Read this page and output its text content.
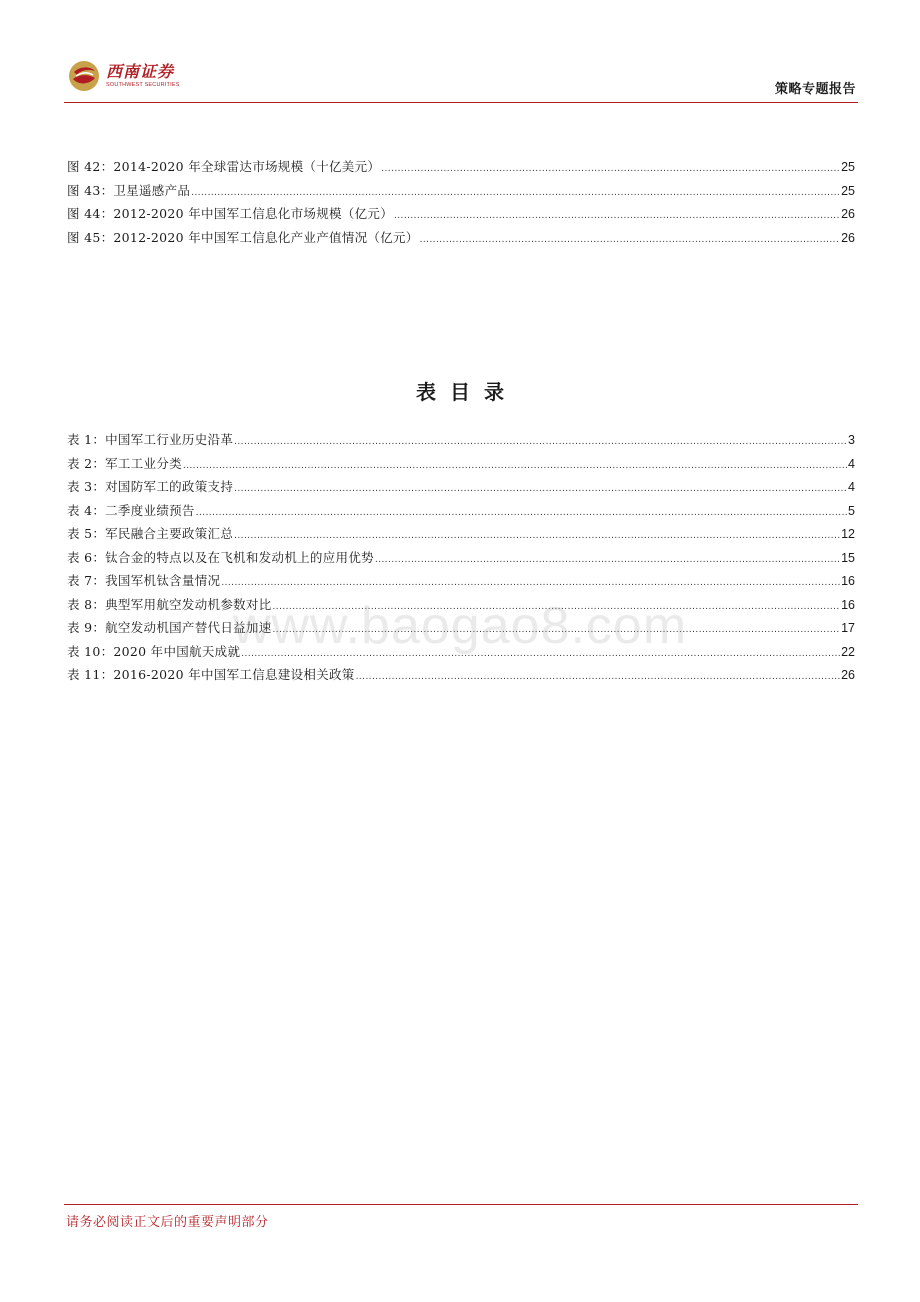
西南证券
SOUTHWEST SECURITIES	策略专题报告
图 42：2014-2020 年全球雷达市场规模（十亿美元） .....	25
图 43：卫星遥感产品 .....	25
图 44：2012-2020 年中国军工信息化市场规模（亿元） .....	26
图 45：2012-2020 年中国军工信息化产业产值情况（亿元） .....	26
表目录
表 1：中国军工行业历史沿革 .....	3
表 2：军工工业分类 .....	4
表 3：对国防军工的政策支持 .....	4
表 4：二季度业绩预告 .....	5
表 5：军民融合主要政策汇总 .....	12
表 6：钛合金的特点以及在飞机和发动机上的应用优势 .....	15
表 7：我国军机钛含量情况 .....	16
表 8：典型军用航空发动机参数对比 .....	16
表 9：航空发动机国产替代日益加速 .....	17
表 10：2020 年中国航天成就 .....	22
表 11：2016-2020 年中国军工信息建设相关政策 .....	26
www.baogao8.com
请务必阅读正文后的重要声明部分
